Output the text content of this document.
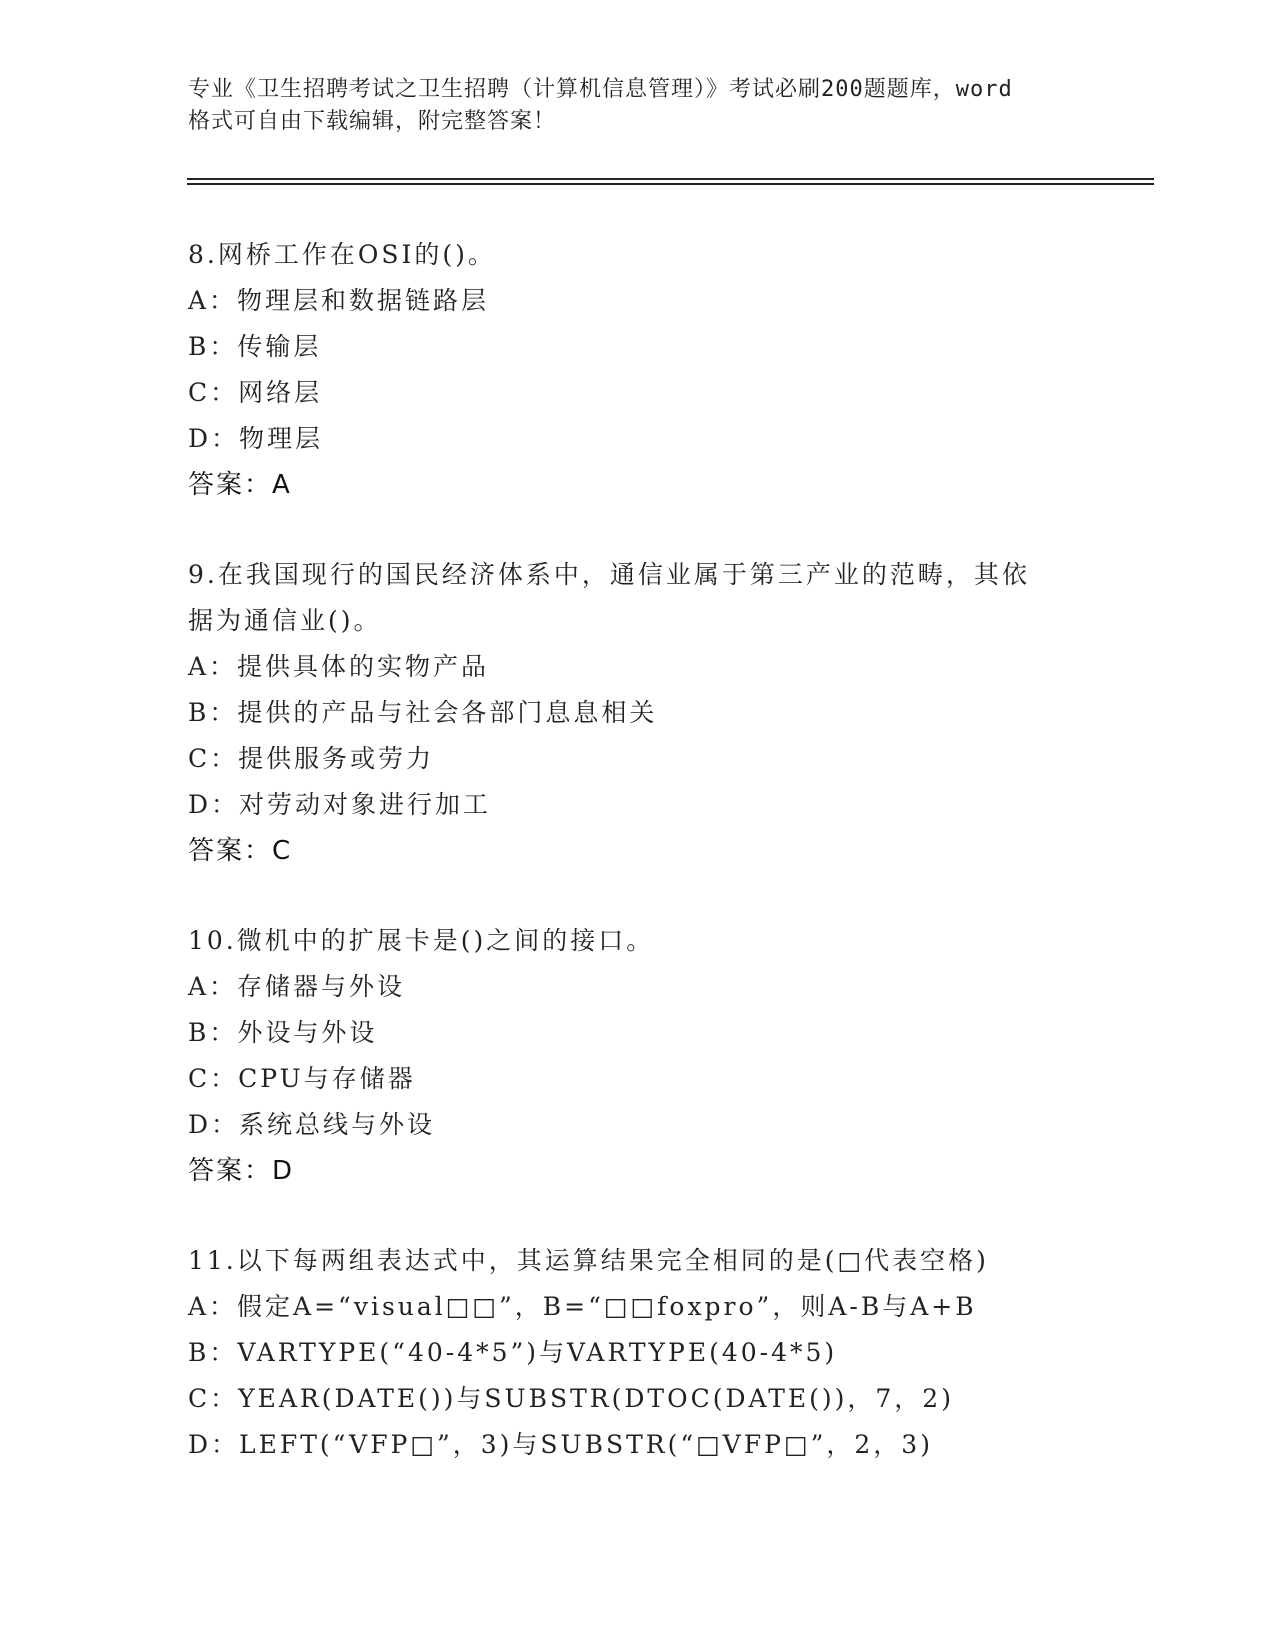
专业《卫生招聘考试之卫生招聘（计算机信息管理）》考试必刷200题题库，word
格式可自由下载编辑，附完整答案！
8.网桥工作在OSI的()。
A：物理层和数据链路层
B：传输层
C：网络层
D：物理层
答案：A
9.在我国现行的国民经济体系中，通信业属于第三产业的范畴，其依
据为通信业()。
A：提供具体的实物产品
B：提供的产品与社会各部门息息相关
C：提供服务或劳力
D：对劳动对象进行加工
答案：C
10.微机中的扩展卡是()之间的接口。
A：存储器与外设
B：外设与外设
C：CPU与存储器
D：系统总线与外设
答案：D
11.以下每两组表达式中，其运算结果完全相同的是(□代表空格)
A：假定A=“visual□□”，B=“□□foxpro”，则A-B与A+B
B：VARTYPE(“40-4*5”)与VARTYPE(40-4*5)
C：YEAR(DATE())与SUBSTR(DTOC(DATE())，7，2)
D：LEFT(“VFP□”，3)与SUBSTR(“□VFP□”，2，3)
